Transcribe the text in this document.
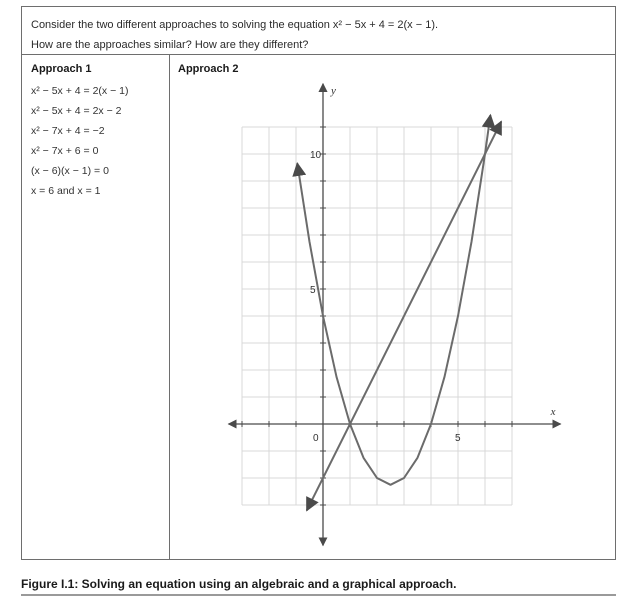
Consider the two different approaches to solving the equation x² − 5x + 4 = 2(x − 1).
How are the approaches similar? How are they different?
Approach 1
x² − 5x + 4 = 2(x − 1)
x² − 5x + 4 = 2x − 2
x² − 7x + 4 = −2
x² − 7x + 6 = 0
(x − 6)(x − 1) = 0
x = 6 and x = 1
Approach 2
x
y
0	5
5
10
Figure I.1: Solving an equation using an algebraic and a graphical approach.
